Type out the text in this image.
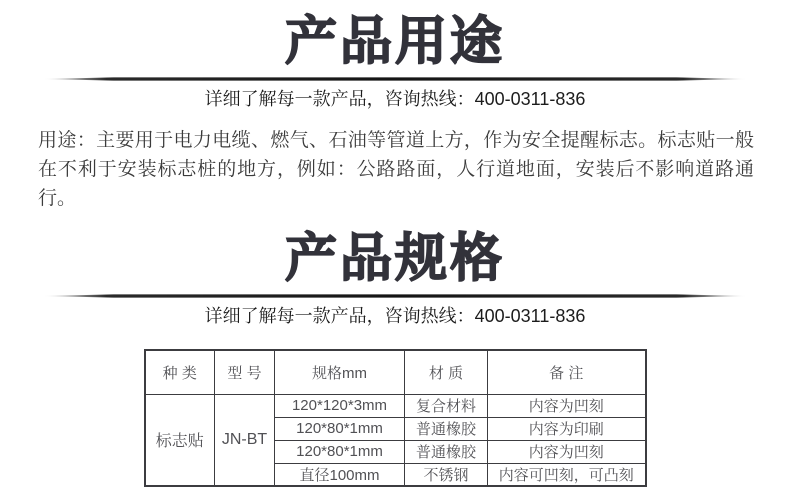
产品用途
详细了解每一款产品，咨询热线：400-0311-836

用途：主要用于电力电缆、燃气、石油等管道上方，作为安全提醒标志。标志贴一般在不利于安装标志桩的地方，例如：公路路面，人行道地面，安装后不影响道路通行。

产品规格
详细了解每一款产品，咨询热线：400-0311-836
种 类	型 号	规格mm	材 质	备 注
标志贴	JN-BT	120*120*3mm	复合材料	内容为凹刻
		120*80*1mm	普通橡胶	内容为印刷
		120*80*1mm	普通橡胶	内容为凹刻
		直径100mm	不锈钢	内容可凹刻，可凸刻
